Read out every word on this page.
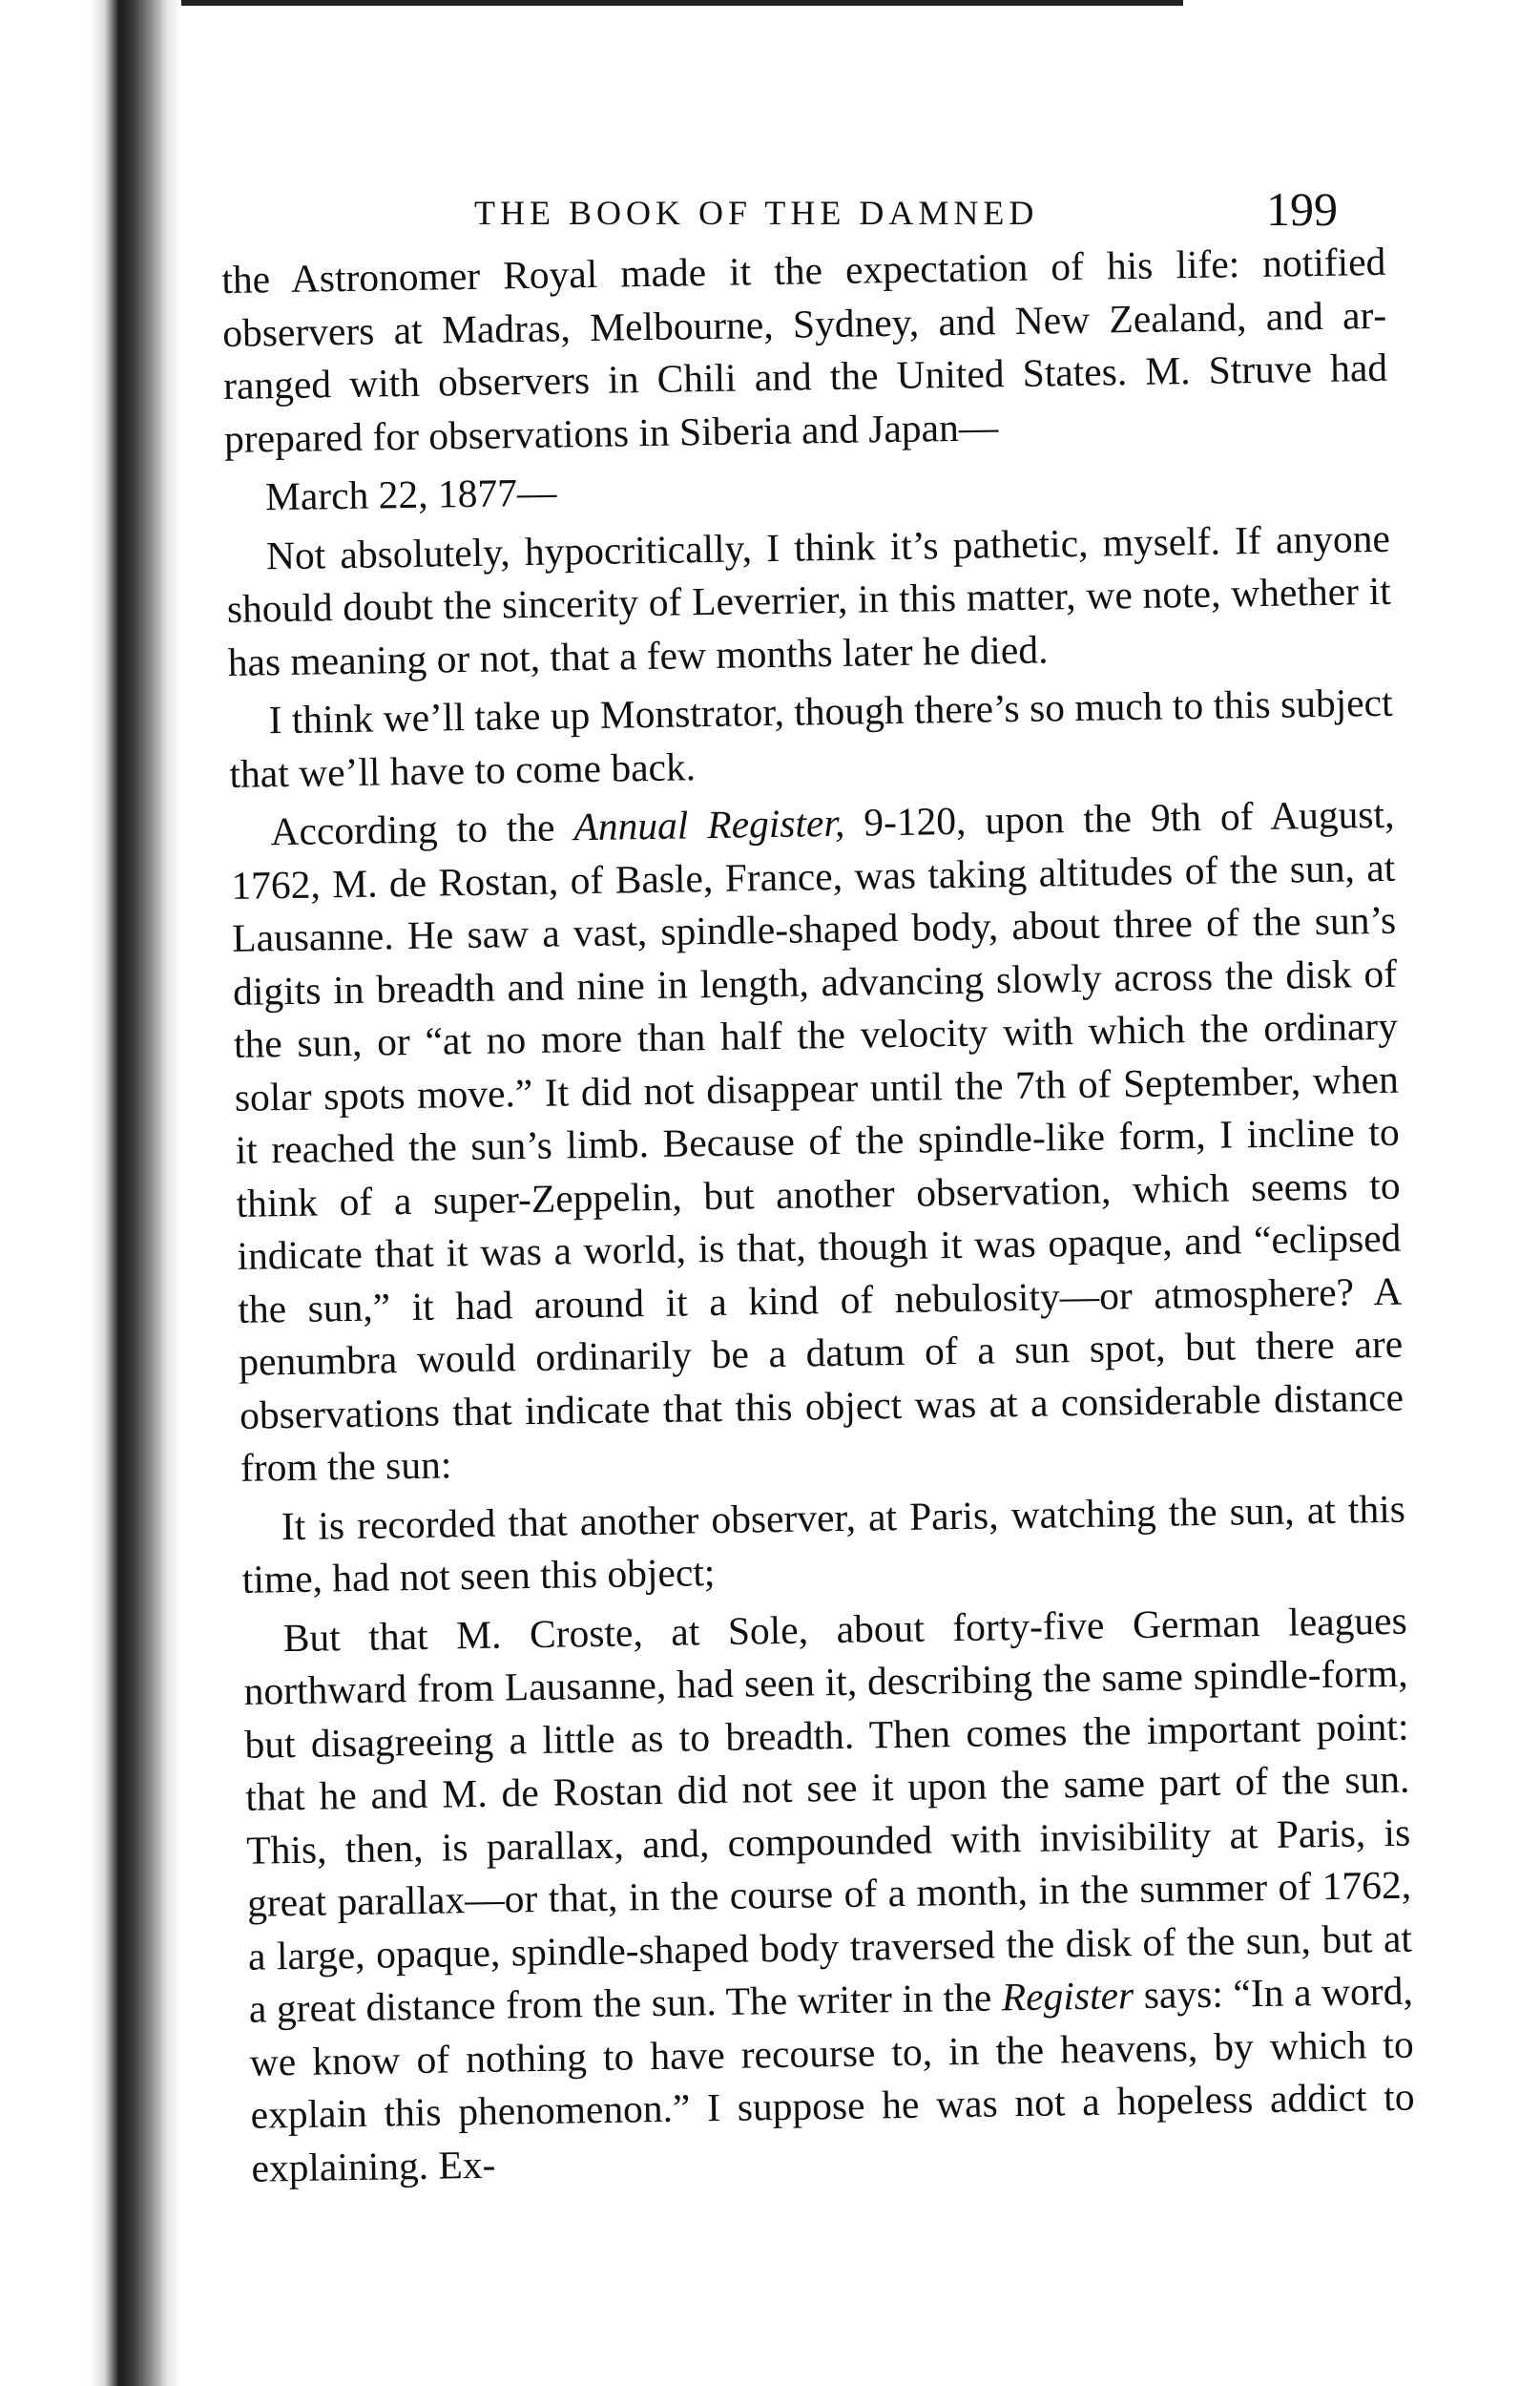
THE BOOK OF THE DAMNED	199

the Astronomer Royal made it the expectation of his life: notified observers at Madras, Melbourne, Sydney, and New Zealand, and arranged with observers in Chili and the United States. M. Struve had prepared for observations in Siberia and Japan—

March 22, 1877—

Not absolutely, hypocritically, I think it’s pathetic, myself. If anyone should doubt the sincerity of Leverrier, in this matter, we note, whether it has meaning or not, that a few months later he died.

I think we’ll take up Monstrator, though there’s so much to this subject that we’ll have to come back.

According to the Annual Register, 9-120, upon the 9th of August, 1762, M. de Rostan, of Basle, France, was taking altitudes of the sun, at Lausanne. He saw a vast, spindle-shaped body, about three of the sun’s digits in breadth and nine in length, advancing slowly across the disk of the sun, or “at no more than half the velocity with which the ordinary solar spots move.” It did not disappear until the 7th of September, when it reached the sun’s limb. Because of the spindle-like form, I incline to think of a super-Zeppelin, but another observation, which seems to indicate that it was a world, is that, though it was opaque, and “eclipsed the sun,” it had around it a kind of nebulosity—or atmosphere? A penumbra would ordinarily be a datum of a sun spot, but there are observations that indicate that this object was at a considerable distance from the sun:

It is recorded that another observer, at Paris, watching the sun, at this time, had not seen this object;

But that M. Croste, at Sole, about forty-five German leagues northward from Lausanne, had seen it, describing the same spindle-form, but disagreeing a little as to breadth. Then comes the important point: that he and M. de Rostan did not see it upon the same part of the sun. This, then, is parallax, and, compounded with invisibility at Paris, is great parallax—or that, in the course of a month, in the summer of 1762, a large, opaque, spindle-shaped body traversed the disk of the sun, but at a great distance from the sun. The writer in the Register says: “In a word, we know of nothing to have recourse to, in the heavens, by which to explain this phenomenon.” I suppose he was not a hopeless addict to explaining. Ex-
